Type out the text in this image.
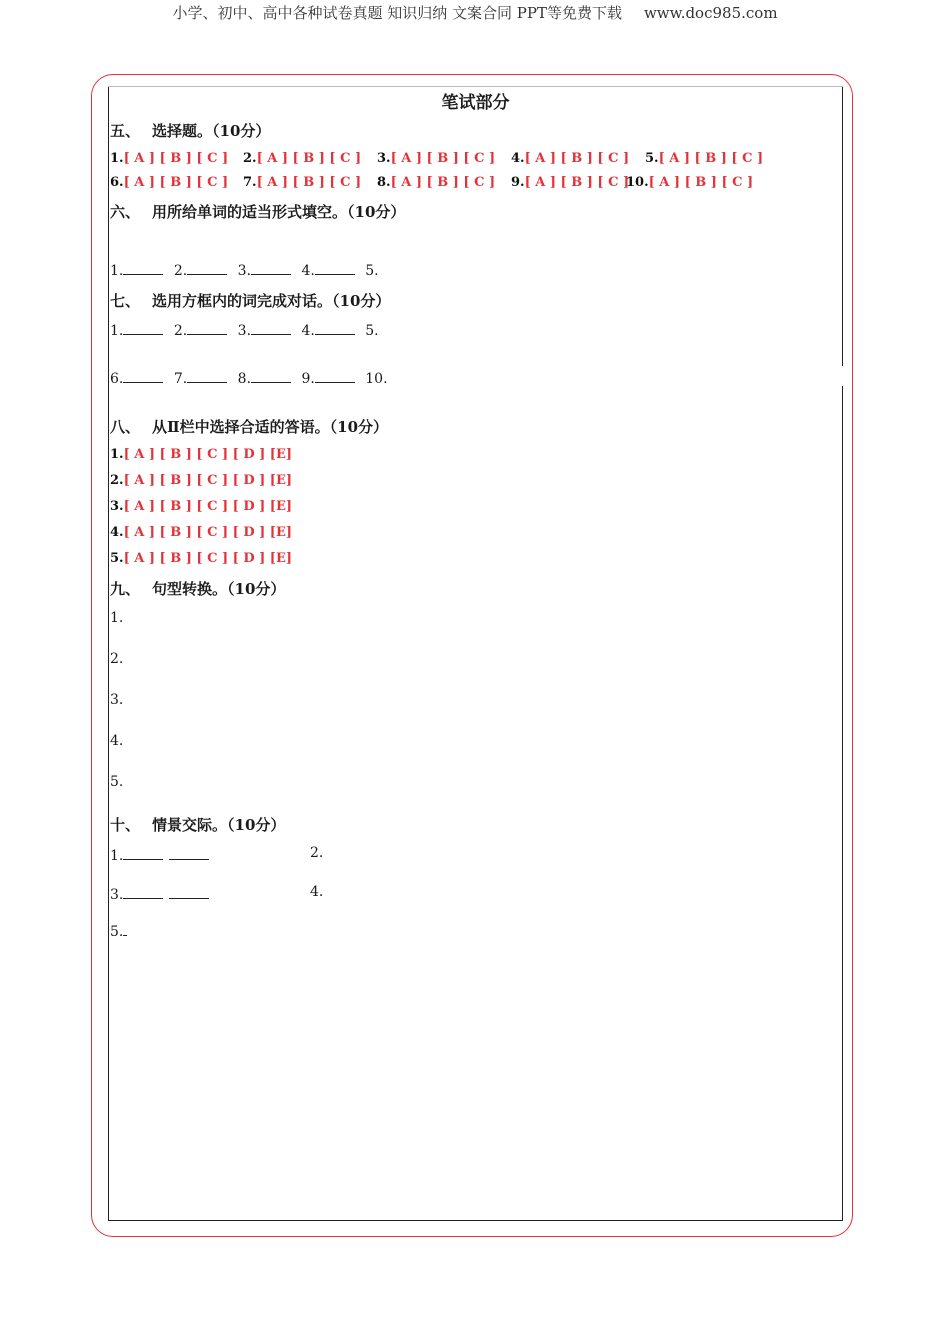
小学、初中、高中各种试卷真题 知识归纳 文案合同 PPT等免费下载 www.doc985.com
笔试部分
五、 选择题。（10分）
1.[ A ] [ B ] [ C ] 2.[ A ] [ B ] [ C ] 3.[ A ] [ B ] [ C ] 4.[ A ] [ B ] [ C ] 5.[ A ] [ B ] [ C ]
6.[ A ] [ B ] [ C ] 7.[ A ] [ B ] [ C ] 8.[ A ] [ B ] [ C ] 9.[ A ] [ B ] [ C ]
10.[ A ] [ B ] [ C ]
六、 用所给单词的适当形式填空。（10分）
1.	2.	3.	4.	5.
七、 选用方框内的词完成对话。（10分）
1.	2.	3.	4.	5.
6.	7.	8.	9.	10.
八、 从Ⅱ栏中选择合适的答语。（10分）
1.[ A ] [ B ] [ C ] [ D ] [E]
2.[ A ] [ B ] [ C ] [ D ] [E]
3.[ A ] [ B ] [ C ] [ D ] [E]
4.[ A ] [ B ] [ C ] [ D ] [E]
5.[ A ] [ B ] [ C ] [ D ] [E]
九、 句型转换。（10分）
1.
2.
3.
4.
5.
十、 情景交际。（10分）
1.	2.
3.	4.
5.
